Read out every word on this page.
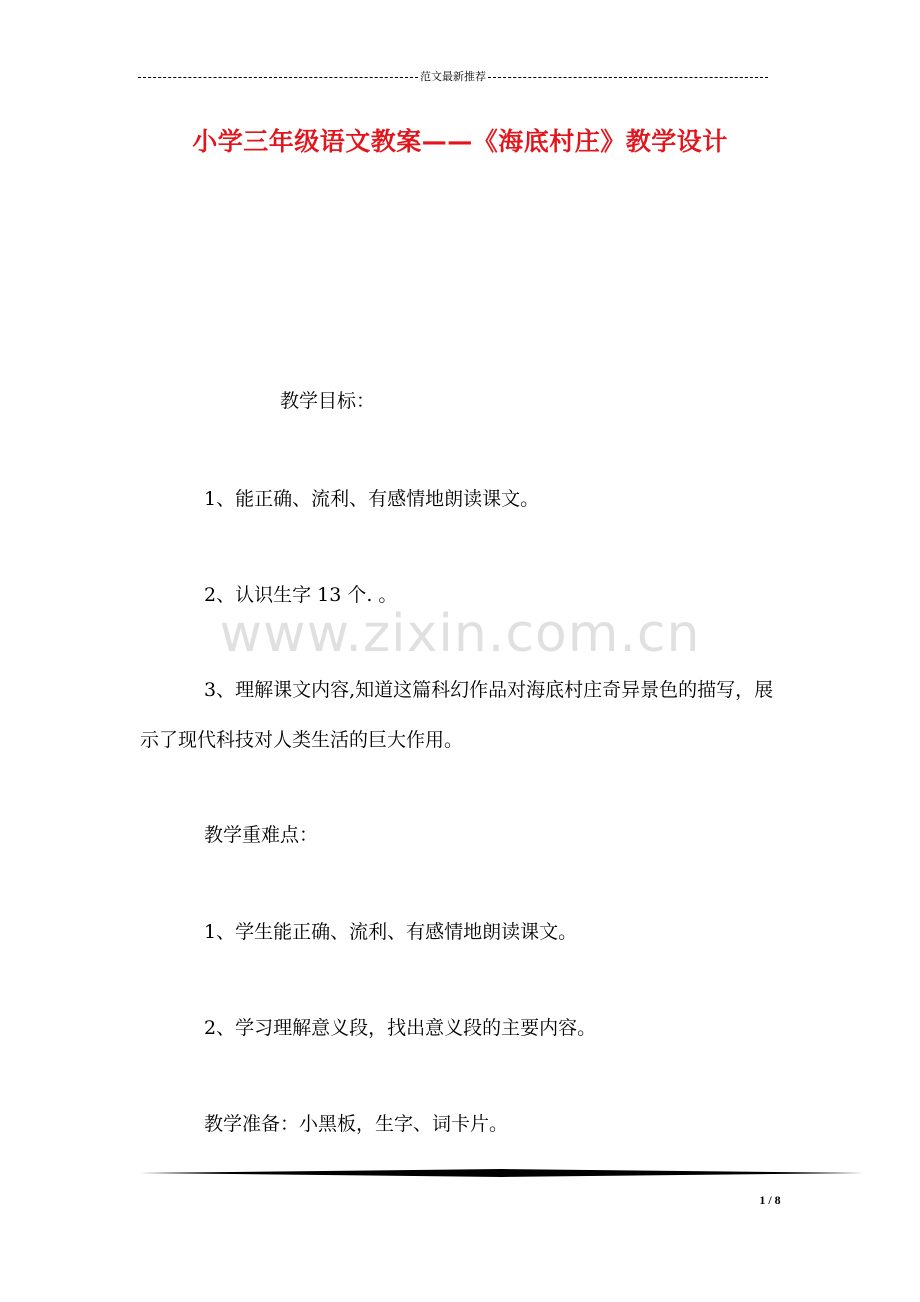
范文最新推荐
小学三年级语文教案——《海底村庄》教学设计
www.zixin.com.cn
教学目标：
1、能正确、流利、有感情地朗读课文。
2、认识生字 13 个. 。
3、理解课文内容,知道这篇科幻作品对海底村庄奇异景色的描写，展示了现代科技对人类生活的巨大作用。
教学重难点：
1、学生能正确、流利、有感情地朗读课文。
2、学习理解意义段，找出意义段的主要内容。
教学准备：小黑板，生字、词卡片。
1 / 8
